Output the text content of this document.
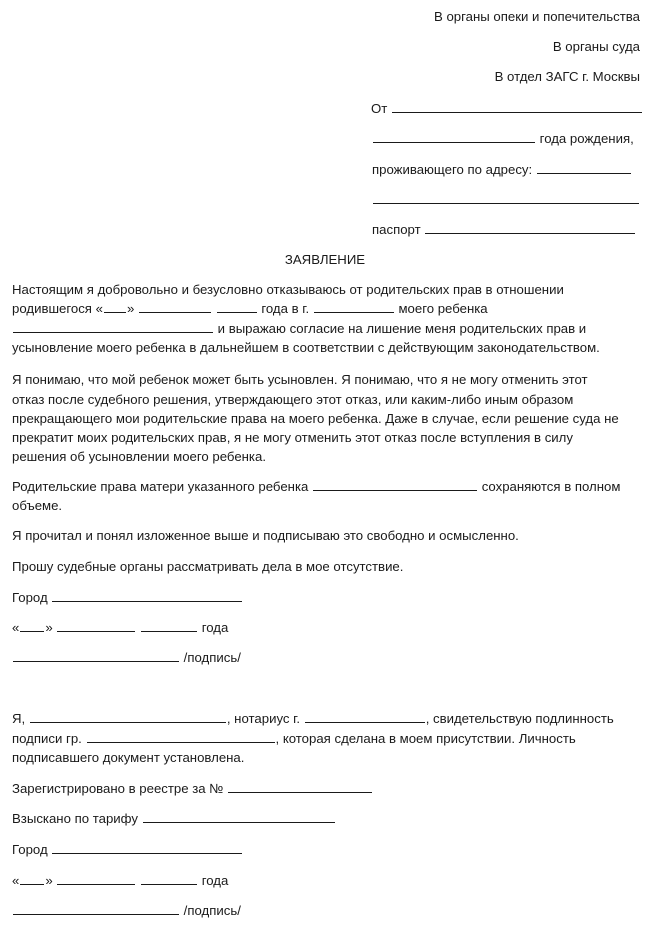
В органы опеки и попечительства
В органы суда
В отдел ЗАГС г. Москвы
От
года рождения,
проживающего по адресу:
паспорт
ЗАЯВЛЕНИЕ
Настоящим я добровольно и безусловно отказываюсь от родительских прав в отношении
родившегося « »	года в г.	моего ребенка
и выражаю согласие на лишение меня родительских прав и
усыновление моего ребенка в дальнейшем в соответствии с действующим законодательством.
Я понимаю, что мой ребенок может быть усыновлен. Я понимаю, что я не могу отменить этот
отказ после судебного решения, утверждающего этот отказ, или каким-либо иным образом
прекращающего мои родительские права на моего ребенка. Даже в случае, если решение суда не
прекратит моих родительских прав, я не могу отменить этот отказ после вступления в силу
решения об усыновлении моего ребенка.
Родительские права матери указанного ребенка	сохраняются в полном
объеме.
Я прочитал и понял изложенное выше и подписываю это свободно и осмысленно.
Прошу судебные органы рассматривать дела в мое отсутствие.
Город
« »	года
/подпись/
Я,	, нотариус г.	, свидетельствую подлинность
подписи гр.	, которая сделана в моем присутствии. Личность
подписавшего документ установлена.
Зарегистрировано в реестре за №
Взыскано по тарифу
Город
« »	года
/подпись/
